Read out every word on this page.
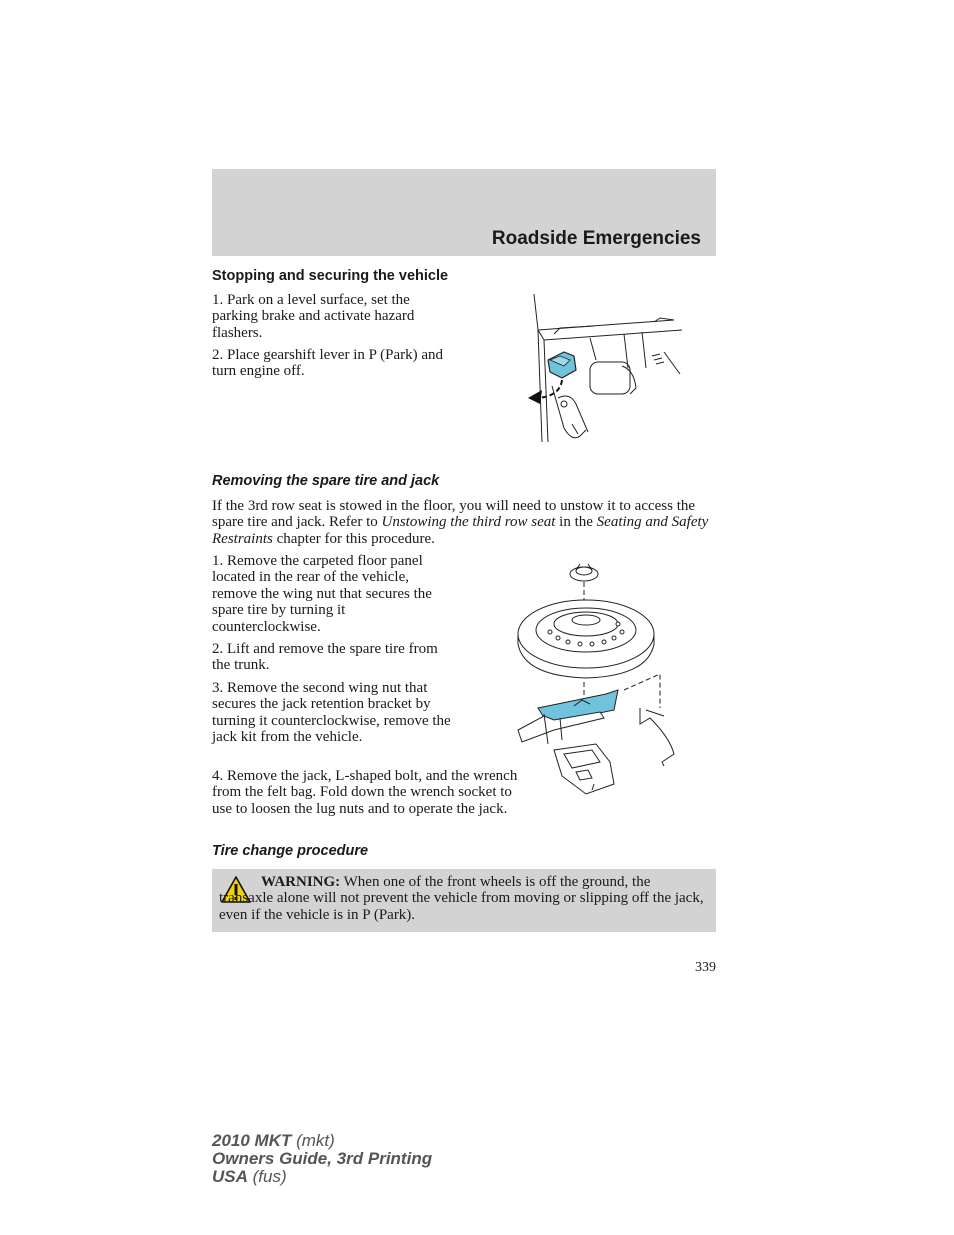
Roadside Emergencies
Stopping and securing the vehicle

1. Park on a level surface, set the parking brake and activate hazard flashers.

2. Place gearshift lever in P (Park) and turn engine off.

Removing the spare tire and jack

If the 3rd row seat is stowed in the floor, you will need to unstow it to access the spare tire and jack. Refer to Unstowing the third row seat in the Seating and Safety Restraints chapter for this procedure.

1. Remove the carpeted floor panel located in the rear of the vehicle, remove the wing nut that secures the spare tire by turning it counterclockwise.

2. Lift and remove the spare tire from the trunk.

3. Remove the second wing nut that secures the jack retention bracket by turning it counterclockwise, remove the jack kit from the vehicle.

4. Remove the jack, L-shaped bolt, and the wrench from the felt bag. Fold down the wrench socket to use to loosen the lug nuts and to operate the jack.

Tire change procedure

WARNING: When one of the front wheels is off the ground, the transaxle alone will not prevent the vehicle from moving or slipping off the jack, even if the vehicle is in P (Park).

339
2010 MKT (mkt)
Owners Guide, 3rd Printing
USA (fus)
